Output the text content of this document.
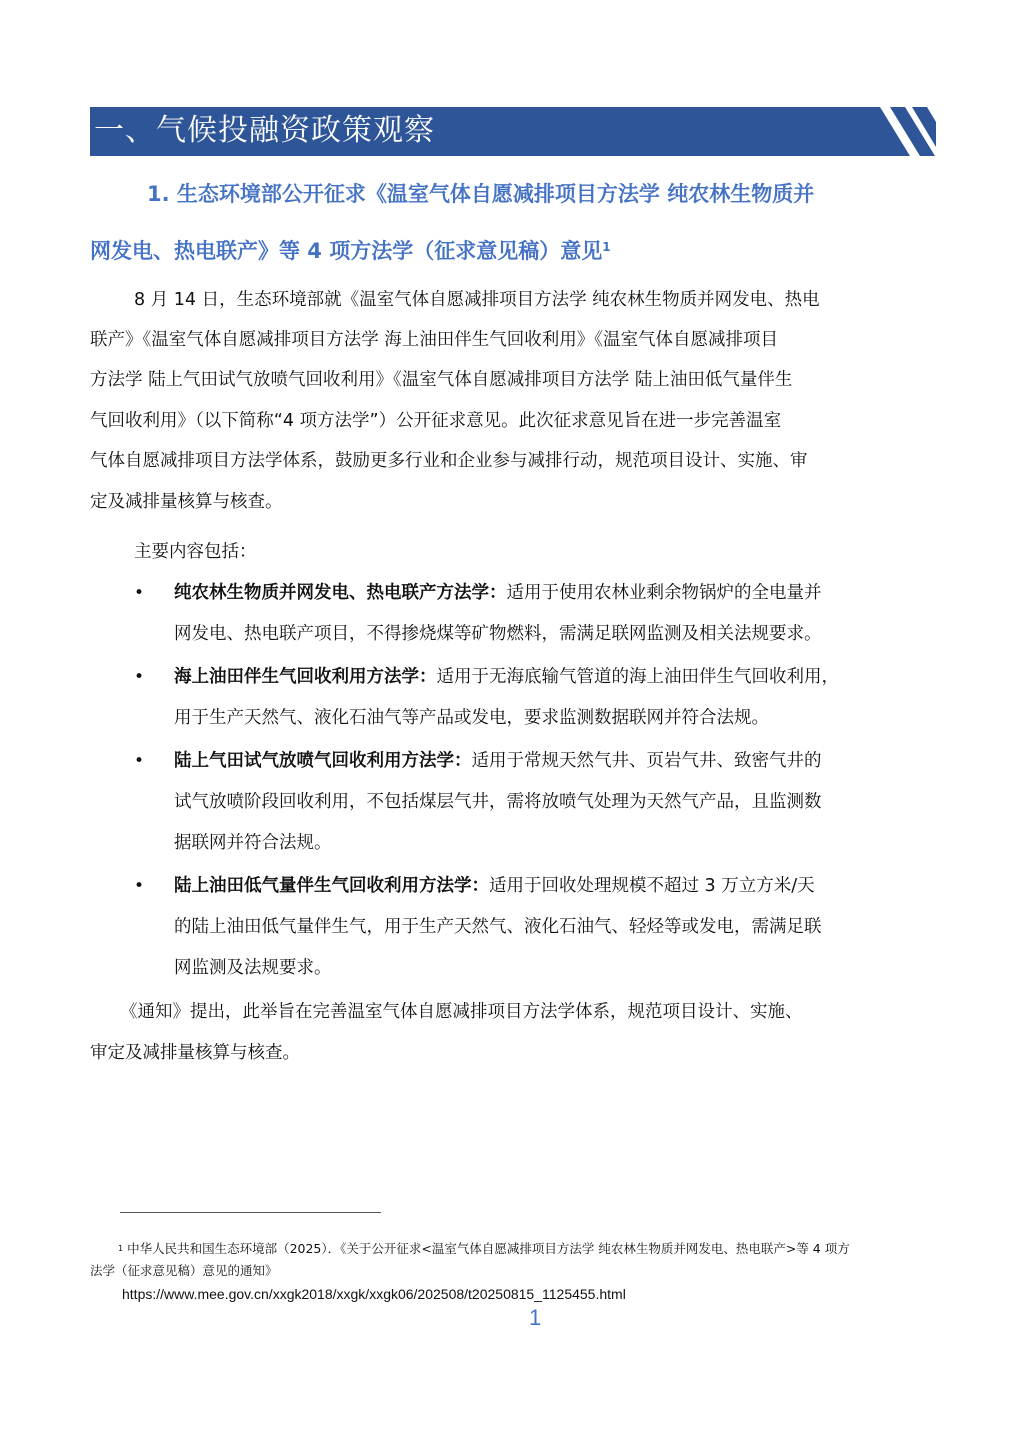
一、气候投融资政策观察
1. 生态环境部公开征求《温室气体自愿减排项目方法学 纯农林生物质并
网发电、热电联产》等 4 项方法学（征求意见稿）意见$^1$
8 月 14 日，生态环境部就《温室气体自愿减排项目方法学 纯农林生物质并网发电、热电
联产》《温室气体自愿减排项目方法学 海上油田伴生气回收利用》《温室气体自愿减排项目
方法学 陆上气田试气放喷气回收利用》《温室气体自愿减排项目方法学 陆上油田低气量伴生
气回收利用》（以下简称“4 项方法学”）公开征求意见。此次征求意见旨在进一步完善温室
气体自愿减排项目方法学体系，鼓励更多行业和企业参与减排行动，规范项目设计、实施、审
定及减排量核算与核查。
主要内容包括：
• 纯农林生物质并网发电、热电联产方法学：适用于使用农林业剩余物锅炉的全电量并
网发电、热电联产项目，不得掺烧煤等矿物燃料，需满足联网监测及相关法规要求。
• 海上油田伴生气回收利用方法学：适用于无海底输气管道的海上油田伴生气回收利用，
用于生产天然气、液化石油气等产品或发电，要求监测数据联网并符合法规。
• 陆上气田试气放喷气回收利用方法学：适用于常规天然气井、页岩气井、致密气井的
试气放喷阶段回收利用，不包括煤层气井，需将放喷气处理为天然气产品，且监测数
据联网并符合法规。
• 陆上油田低气量伴生气回收利用方法学：适用于回收处理规模不超过 3 万立方米/天
的陆上油田低气量伴生气，用于生产天然气、液化石油气、轻烃等或发电，需满足联
网监测及法规要求。
《通知》提出，此举旨在完善温室气体自愿减排项目方法学体系，规范项目设计、实施、
审定及减排量核算与核查。
$^1$ 中华人民共和国生态环境部（2025）．《关于公开征求<温室气体自愿减排项目方法学 纯农林生物质并网发电、热电联产>等 4 项方
法学（征求意见稿）意见的通知》
https://www.mee.gov.cn/xxgk2018/xxgk/xxgk06/202508/t20250815_1125455.html
1
